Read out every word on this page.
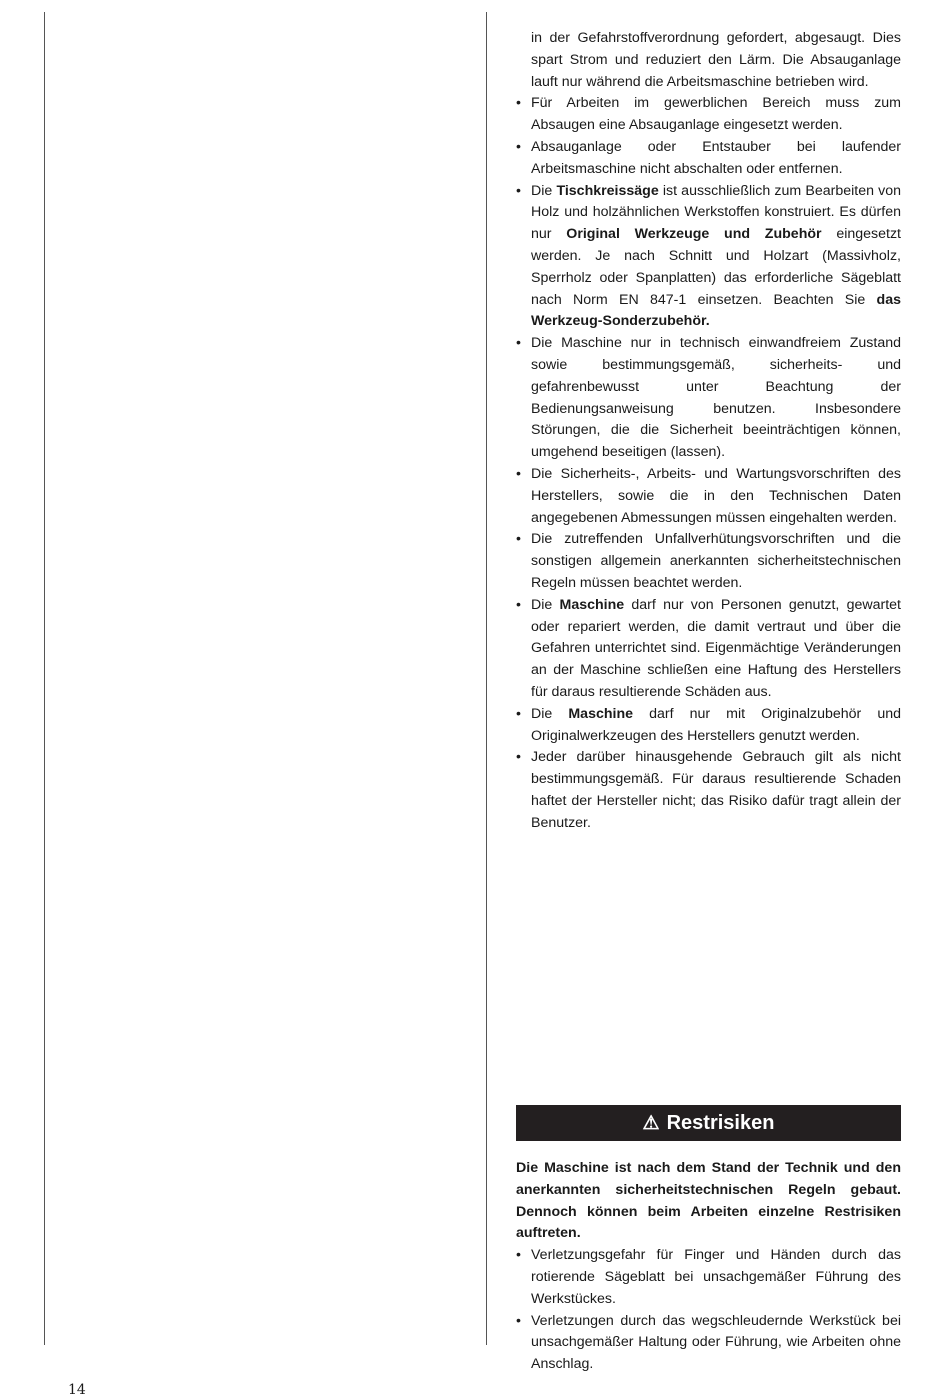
in der Gefahrstoffverordnung gefordert, abgesaugt. Dies spart Strom und reduziert den Lärm. Die Absauganlage lauft nur während die Arbeitsmaschine betrieben wird.

• Für Arbeiten im gewerblichen Bereich muss zum Absaugen eine Absauganlage eingesetzt werden.

• Absauganlage oder Entstauber bei laufender Arbeitsmaschine nicht abschalten oder entfernen.

• Die Tischkreissäge ist ausschließlich zum Bearbeiten von Holz und holzähnlichen Werkstoffen konstruiert. Es dürfen nur Original Werkzeuge und Zubehör eingesetzt werden. Je nach Schnitt und Holzart (Massivholz, Sperrholz oder Spanplatten) das erforderliche Sägeblatt nach Norm EN 847-1 einsetzen. Beachten Sie das Werkzeug-Sonderzubehör.

• Die Maschine nur in technisch einwandfreiem Zustand sowie bestimmungsgemäß, sicherheits- und gefahrenbewusst unter Beachtung der Bedienungsanweisung benutzen. Insbesondere Störungen, die die Sicherheit beeinträchtigen können, umgehend beseitigen (lassen).

• Die Sicherheits-, Arbeits- und Wartungsvorschriften des Herstellers, sowie die in den Technischen Daten angegebenen Abmessungen müssen eingehalten werden.

• Die zutreffenden Unfallverhütungsvorschriften und die sonstigen allgemein anerkannten sicherheitstechnischen Regeln müssen beachtet werden.

• Die Maschine darf nur von Personen genutzt, gewartet oder repariert werden, die damit vertraut und über die Gefahren unterrichtet sind. Eigenmächtige Veränderungen an der Maschine schließen eine Haftung des Herstellers für daraus resultierende Schäden aus.

• Die Maschine darf nur mit Originalzubehör und Originalwerkzeugen des Herstellers genutzt werden.

• Jeder darüber hinausgehende Gebrauch gilt als nicht bestimmungsgemäß. Für daraus resultierende Schaden haftet der Hersteller nicht; das Risiko dafür tragt allein der Benutzer.

⚠ Restrisiken

Die Maschine ist nach dem Stand der Technik und den anerkannten sicherheitstechnischen Regeln gebaut. Dennoch können beim Arbeiten einzelne Restrisiken auftreten.

• Verletzungsgefahr für Finger und Händen durch das rotierende Sägeblatt bei unsachgemäßer Führung des Werkstückes.

• Verletzungen durch das wegschleudernde Werkstück bei unsachgemäßer Haltung oder Führung, wie Arbeiten ohne Anschlag.

14
